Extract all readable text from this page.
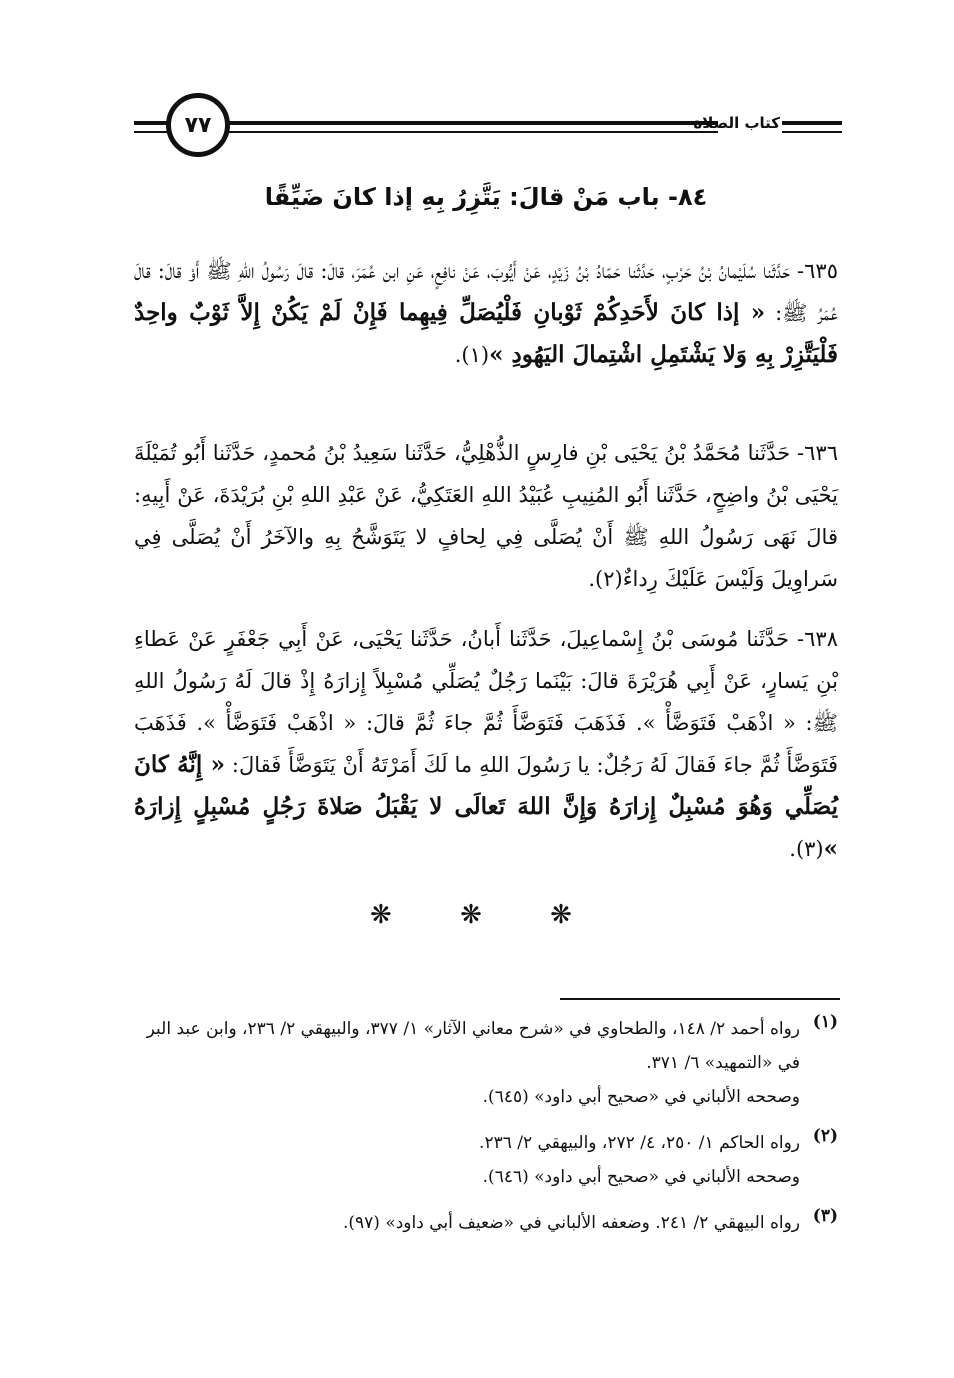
كتاب الصلاة
٧٧
٨٤- باب مَنْ قالَ: يَتَّزِرُ بِهِ إذا كانَ ضَيِّقًا
٦٣٥- حَدَّثَنا سُلَيْمانُ بْنُ حَرْبٍ، حَدَّثَنا حَمّادُ بْنُ زَيْدٍ، عَنْ أَيُّوبَ، عَنْ نافِعٍ، عَنِ ابن عُمَرَ، قالَ: قالَ رَسُولُ اللهِ ﷺ أَوْ قالَ: قالَ عُمَرُ ﷺ: « إذا كانَ لأَحَدِكُمْ ثَوْبانِ فَلْيُصَلِّ فِيهِما فَإِنْ لَمْ يَكُنْ إِلاَّ ثَوْبٌ واحِدٌ فَلْيَتَّزِرْ بِهِ وَلا يَشْتَمِلِ اشْتِمالَ اليَهُودِ »(١).
٦٣٦- حَدَّثَنا مُحَمَّدُ بْنُ يَحْيَى بْنِ فارِسٍ الذُّهْلِيُّ، حَدَّثَنا سَعِيدُ بْنُ مُحمدٍ، حَدَّثَنا أَبُو تُمَيْلَةَ يَحْيَى بْنُ واضِحٍ، حَدَّثَنا أَبُو المُنِيبِ عُبَيْدُ اللهِ العَتَكِيُّ، عَنْ عَبْدِ اللهِ بْنِ بُرَيْدَةَ، عَنْ أَبِيهِ: قالَ نَهَى رَسُولُ اللهِ ﷺ أَنْ يُصَلَّى فِي لِحافٍ لا يَتَوَشَّحُ بِهِ والآخَرُ أَنْ يُصَلَّى فِي سَراوِيلَ وَلَيْسَ عَلَيْكَ رِداءٌ(٢).
٦٣٨- حَدَّثَنا مُوسَى بْنُ إِسْماعِيلَ، حَدَّثَنا أَبانُ، حَدَّثَنا يَحْيَى، عَنْ أَبِي جَعْفَرٍ عَنْ عَطاءِ بْنِ يَسارٍ، عَنْ أَبِي هُرَيْرَةَ قالَ: بَيْنَما رَجُلٌ يُصَلِّي مُسْبِلاً إِزارَهُ إِذْ قالَ لَهُ رَسُولُ اللهِ ﷺ: « اذْهَبْ فَتَوَضَّأْ ». فَذَهَبَ فَتَوَضَّأَ ثُمَّ جاءَ ثُمَّ قالَ: « اذْهَبْ فَتَوَضَّأْ ». فَذَهَبَ فَتَوَضَّأَ ثُمَّ جاءَ فَقالَ لَهُ رَجُلٌ: يا رَسُولَ اللهِ ما لَكَ أَمَرْتَهُ أَنْ يَتَوَضَّأَ فَقالَ: « إِنَّهُ كانَ يُصَلِّي وَهُوَ مُسْبِلٌ إِزارَهُ وَإِنَّ اللهَ تَعالَى لا يَقْبَلُ صَلاةَ رَجُلٍ مُسْبِلٍ إِزارَهُ »(٣).
❋ ❋ ❋
(١)
رواه أحمد ٢/ ١٤٨، والطحاوي في «شرح معاني الآثار» ١/ ٣٧٧، والبيهقي ٢/ ٢٣٦، وابن عبد البر في «التمهيد» ٦/ ٣٧١.
وصححه الألباني في «صحيح أبي داود» (٦٤٥).
(٢)
رواه الحاكم ١/ ٢٥٠، ٤/ ٢٧٢، والبيهقي ٢/ ٢٣٦.
وصححه الألباني في «صحيح أبي داود» (٦٤٦).
(٣)
رواه البيهقي ٢/ ٢٤١. وضعفه الألباني في «ضعيف أبي داود» (٩٧).
